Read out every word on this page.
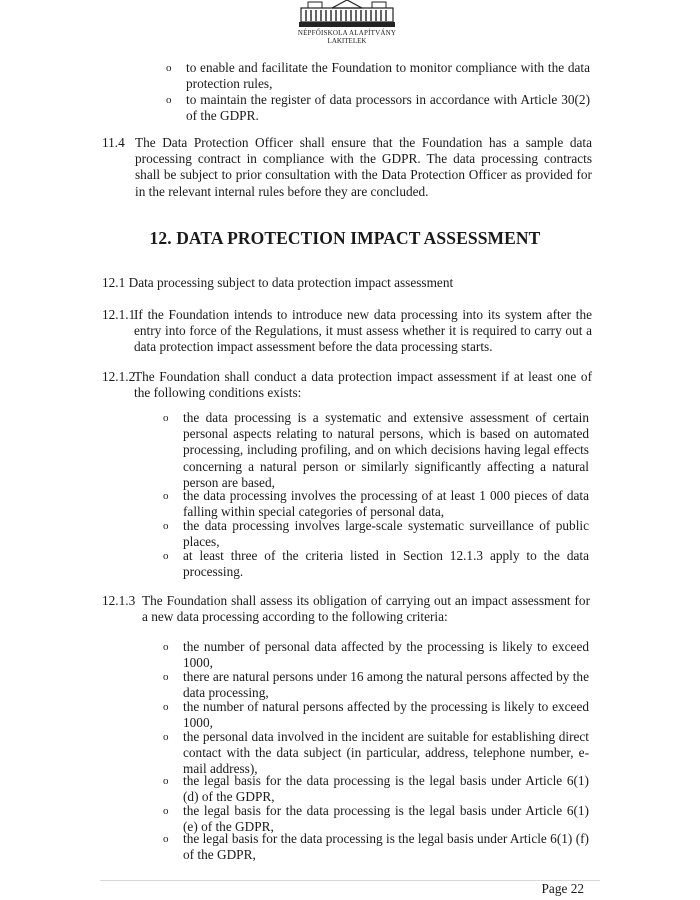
NÉPFŐISKOLA ALAPÍTVÁNY
LAKITELEK
o to enable and facilitate the Foundation to monitor compliance with the data protection rules,
o to maintain the register of data processors in accordance with Article 30(2) of the GDPR.
11.4 The Data Protection Officer shall ensure that the Foundation has a sample data processing contract in compliance with the GDPR. The data processing contracts shall be subject to prior consultation with the Data Protection Officer as provided for in the relevant internal rules before they are concluded.
12. DATA PROTECTION IMPACT ASSESSMENT
12.1 Data processing subject to data protection impact assessment
12.1.1
If the Foundation intends to introduce new data processing into its system after the entry into force of the Regulations, it must assess whether it is required to carry out a data protection impact assessment before the data processing starts.
12.1.2
The Foundation shall conduct a data protection impact assessment if at least one of the following conditions exists:
o the data processing is a systematic and extensive assessment of certain personal aspects relating to natural persons, which is based on automated processing, including profiling, and on which decisions having legal effects concerning a natural person or similarly significantly affecting a natural person are based,
o the data processing involves the processing of at least 1 000 pieces of data falling within special categories of personal data,
o the data processing involves large-scale systematic surveillance of public places,
o at least three of the criteria listed in Section 12.1.3 apply to the data processing.
12.1.3 The Foundation shall assess its obligation of carrying out an impact assessment for a new data processing according to the following criteria:
o the number of personal data affected by the processing is likely to exceed 1000,
o there are natural persons under 16 among the natural persons affected by the data processing,
o the number of natural persons affected by the processing is likely to exceed 1000,
o the personal data involved in the incident are suitable for establishing direct contact with the data subject (in particular, address, telephone number, e-mail address),
o the legal basis for the data processing is the legal basis under Article 6(1) (d) of the GDPR,
o the legal basis for the data processing is the legal basis under Article 6(1) (e) of the GDPR,
o the legal basis for the data processing is the legal basis under Article 6(1) (f) of the GDPR,
Page 22
